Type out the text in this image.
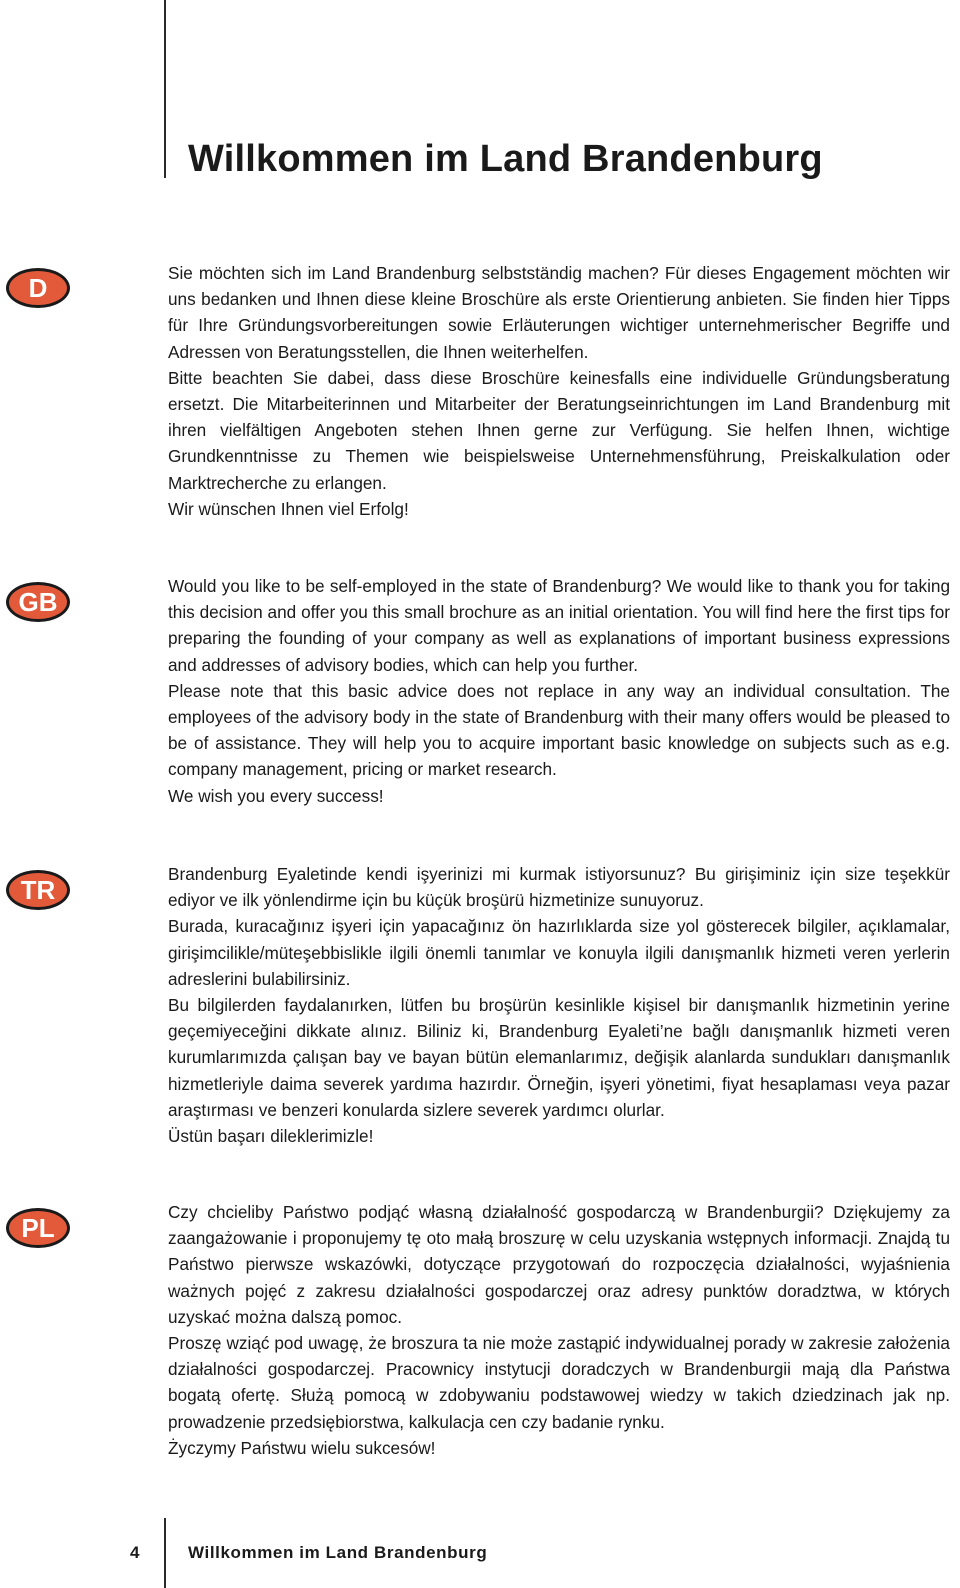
Willkommen im Land Brandenburg
D	Sie möchten sich im Land Brandenburg selbstständig machen? Für dieses Engagement möchten wir uns bedanken und Ihnen diese kleine Broschüre als erste Orientierung anbieten. Sie finden hier Tipps für Ihre Gründungsvorbereitungen sowie Erläuterungen wichtiger unternehmerischer Begriffe und Adressen von Beratungsstellen, die Ihnen weiterhelfen.

Bitte beachten Sie dabei, dass diese Broschüre keinesfalls eine individuelle Gründungsberatung ersetzt. Die Mitarbeiterinnen und Mitarbeiter der Beratungseinrichtungen im Land Brandenburg mit ihren vielfältigen Angeboten stehen Ihnen gerne zur Verfügung. Sie helfen Ihnen, wichtige Grundkenntnisse zu Themen wie beispielsweise Unternehmensführung, Preiskalkulation oder Marktrecherche zu erlangen.

Wir wünschen Ihnen viel Erfolg!

GB

Would you like to be self-employed in the state of Brandenburg? We would like to thank you for taking this decision and offer you this small brochure as an initial orientation. You will find here the first tips for preparing the founding of your company as well as explanations of important business expressions and addresses of advisory bodies, which can help you further.

Please note that this basic advice does not replace in any way an individual consultation. The employees of the advisory body in the state of Brandenburg with their many offers would be pleased to be of assistance. They will help you to acquire important basic knowledge on subjects such as e.g. company management, pricing or market research.

We wish you every success!

TR

Brandenburg Eyaletinde kendi işyerinizi mi kurmak istiyorsunuz? Bu girişiminiz için size teşekkür ediyor ve ilk yönlendirme için bu küçük broşürü hizmetinize sunuyoruz.

Burada, kuracağınız işyeri için yapacağınız ön hazırlıklarda size yol gösterecek bilgiler, açıklamalar, girişimcilikle/müteşebbislikle ilgili önemli tanımlar ve konuyla ilgili danışmanlık hizmeti veren yerlerin adreslerini bulabilirsiniz.

Bu bilgilerden faydalanırken, lütfen bu broşürün kesinlikle kişisel bir danışmanlık hizmetinin yerine geçemiyeceğini dikkate alınız. Biliniz ki, Brandenburg Eyaleti’ne bağlı danışmanlık hizmeti veren kurumlarımızda çalışan bay ve bayan bütün elemanlarımız, değişik alanlarda sundukları danışmanlık hizmetleriyle daima severek yardıma hazırdır. Örneğin, işyeri yönetimi, fiyat hesaplaması veya pazar araştırması ve benzeri konularda sizlere severek yardımcı olurlar.

Üstün başarı dileklerimizle!

PL

Czy chcieliby Państwo podjąć własną działalność gospodarczą w Brandenburgii? Dziękujemy za zaangażowanie i proponujemy tę oto małą broszurę w celu uzyskania wstępnych informacji. Znajdą tu Państwo pierwsze wskazówki, dotyczące przygotowań do rozpoczęcia działalności, wyjaśnienia ważnych pojęć z zakresu działalności gospodarczej oraz adresy punktów doradztwa, w których uzyskać można dalszą pomoc.

Proszę wziąć pod uwagę, że broszura ta nie może zastąpić indywidualnej porady w zakresie założenia działalności gospodarczej. Pracownicy instytucji doradczych w Brandenburgii mają dla Państwa bogatą ofertę. Służą pomocą w zdobywaniu podstawowej wiedzy w takich dziedzinach jak np. prowadzenie przedsiębiorstwa, kalkulacja cen czy badanie rynku.

Życzymy Państwu wielu sukcesów!

4	Willkommen im Land Brandenburg
